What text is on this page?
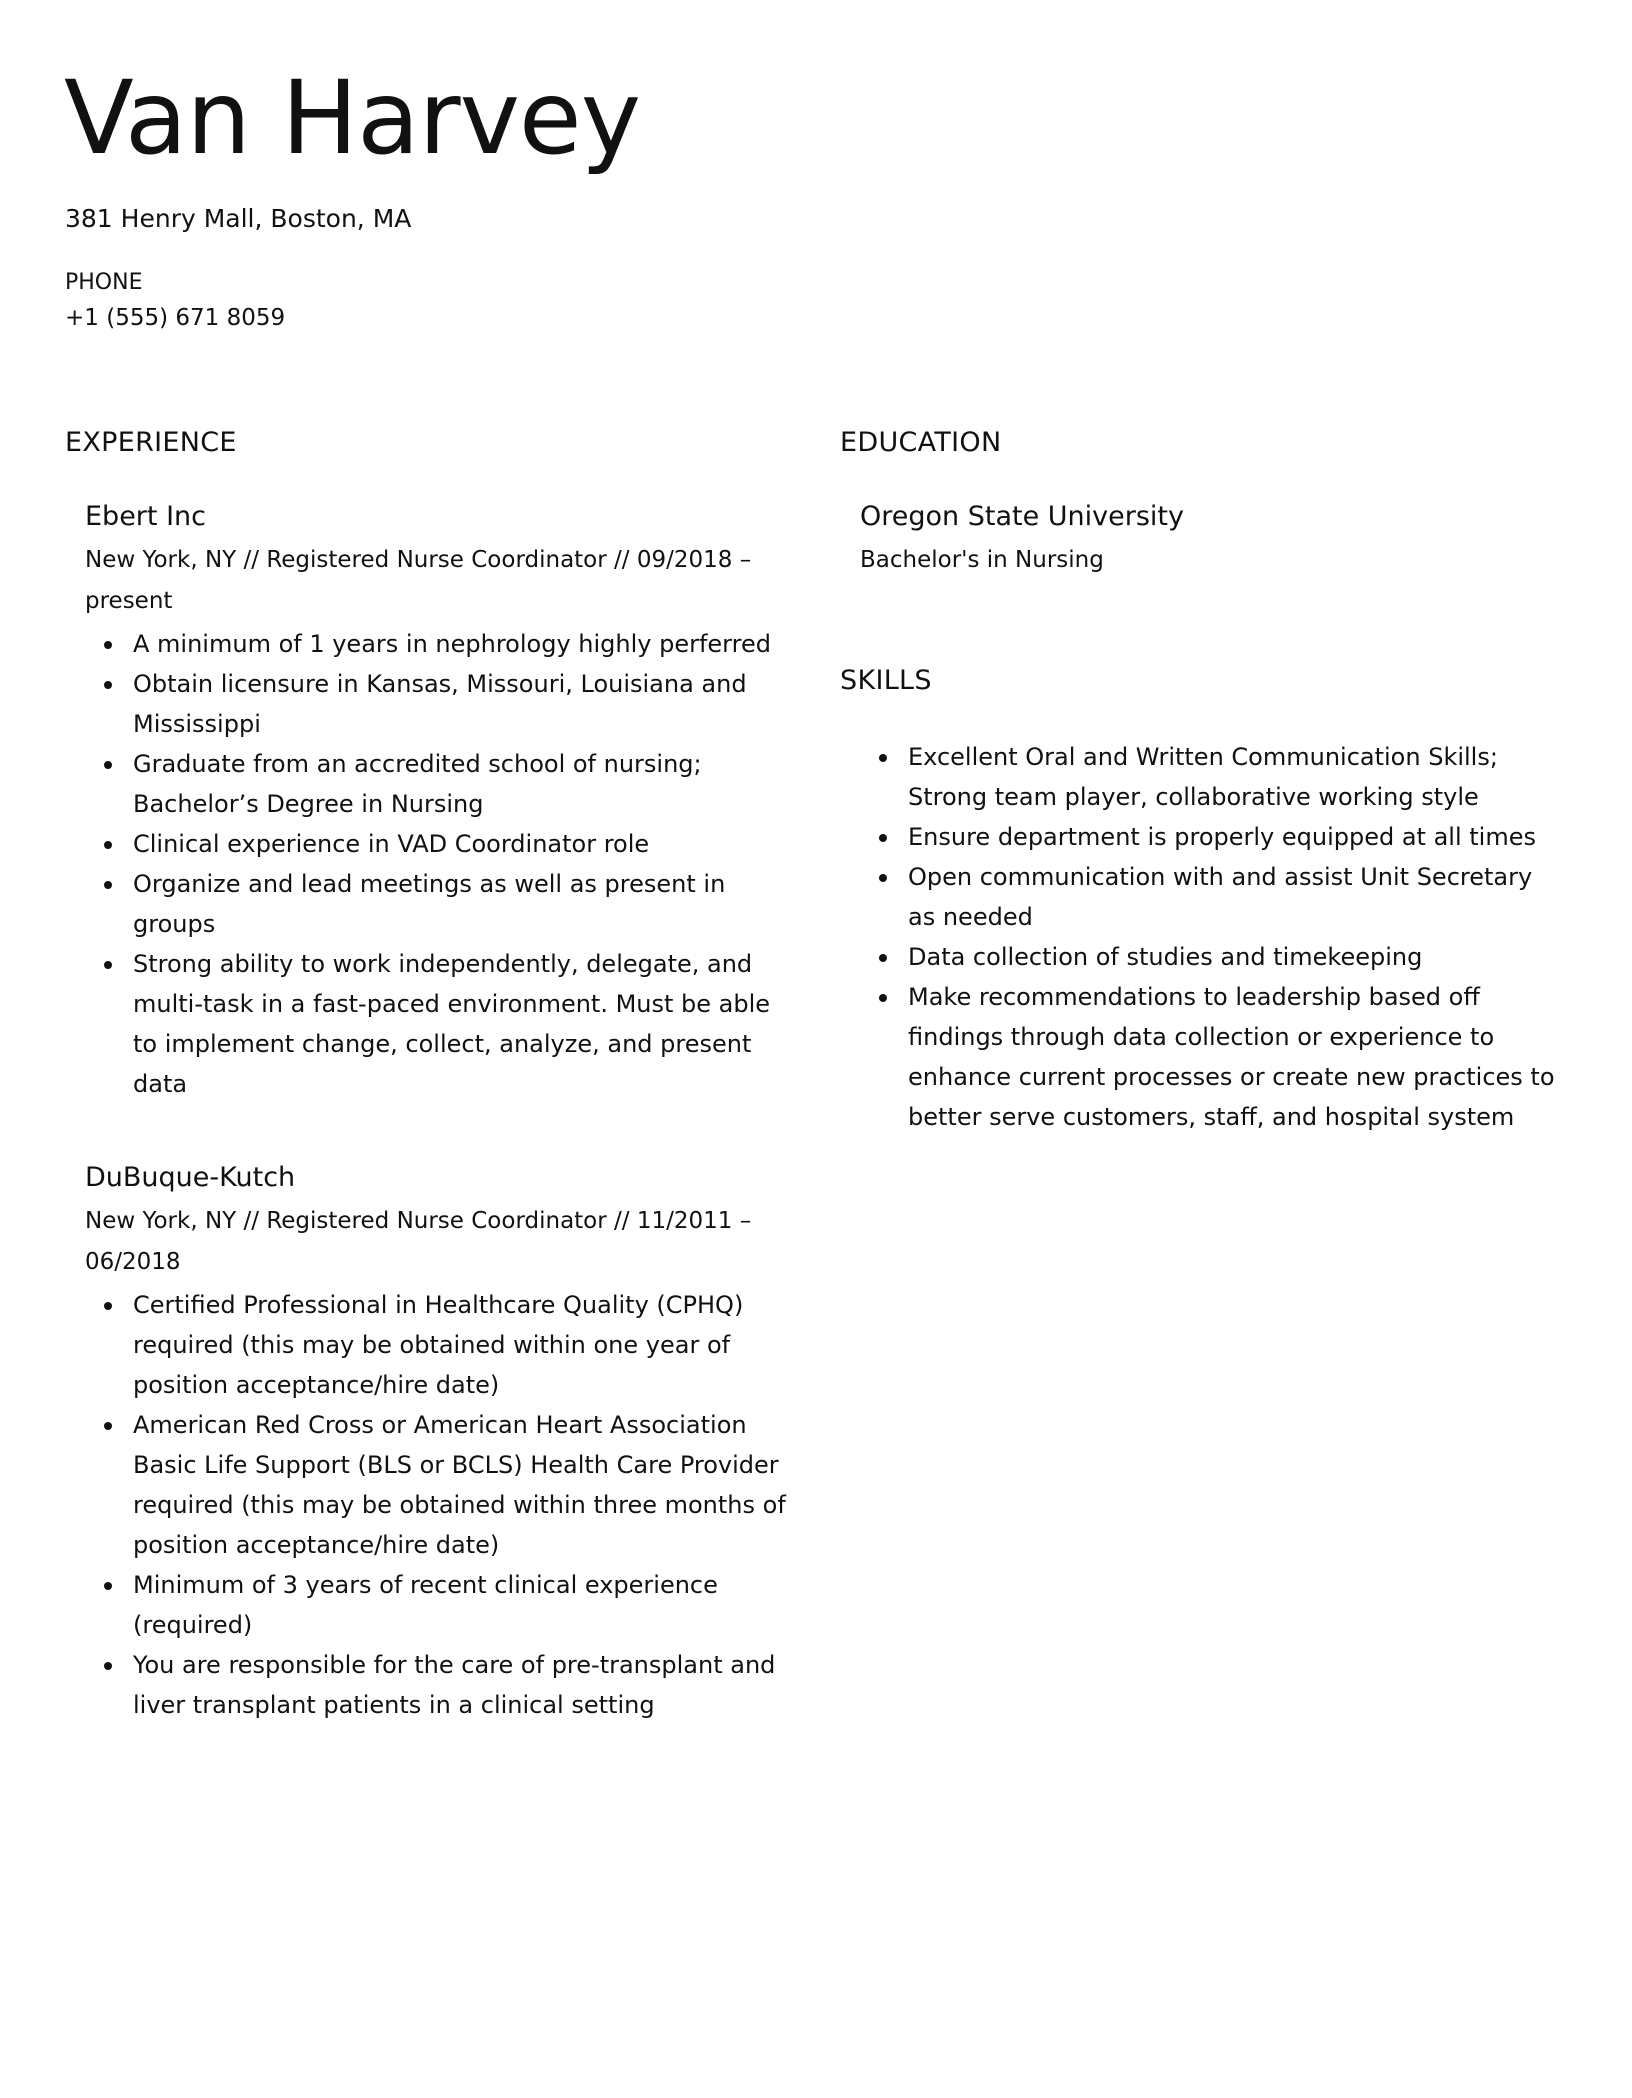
Van Harvey
381 Henry Mall, Boston, MA
PHONE
+1 (555) 671 8059
EXPERIENCE
Ebert Inc
New York, NY // Registered Nurse Coordinator // 09/2018 – present
A minimum of 1 years in nephrology highly perferred
Obtain licensure in Kansas, Missouri, Louisiana and Mississippi
Graduate from an accredited school of nursing; Bachelor’s Degree in Nursing
Clinical experience in VAD Coordinator role
Organize and lead meetings as well as present in groups
Strong ability to work independently, delegate, and multi-task in a fast-paced environment. Must be able to implement change, collect, analyze, and present data
DuBuque-Kutch
New York, NY // Registered Nurse Coordinator // 11/2011 – 06/2018
Certified Professional in Healthcare Quality (CPHQ) required (this may be obtained within one year of position acceptance/hire date)
American Red Cross or American Heart Association Basic Life Support (BLS or BCLS) Health Care Provider required (this may be obtained within three months of position acceptance/hire date)
Minimum of 3 years of recent clinical experience (required)
You are responsible for the care of pre-transplant and liver transplant patients in a clinical setting
EDUCATION
Oregon State University
Bachelor's in Nursing
SKILLS
Excellent Oral and Written Communication Skills; Strong team player, collaborative working style
Ensure department is properly equipped at all times
Open communication with and assist Unit Secretary as needed
Data collection of studies and timekeeping
Make recommendations to leadership based off findings through data collection or experience to enhance current processes or create new practices to better serve customers, staff, and hospital system
